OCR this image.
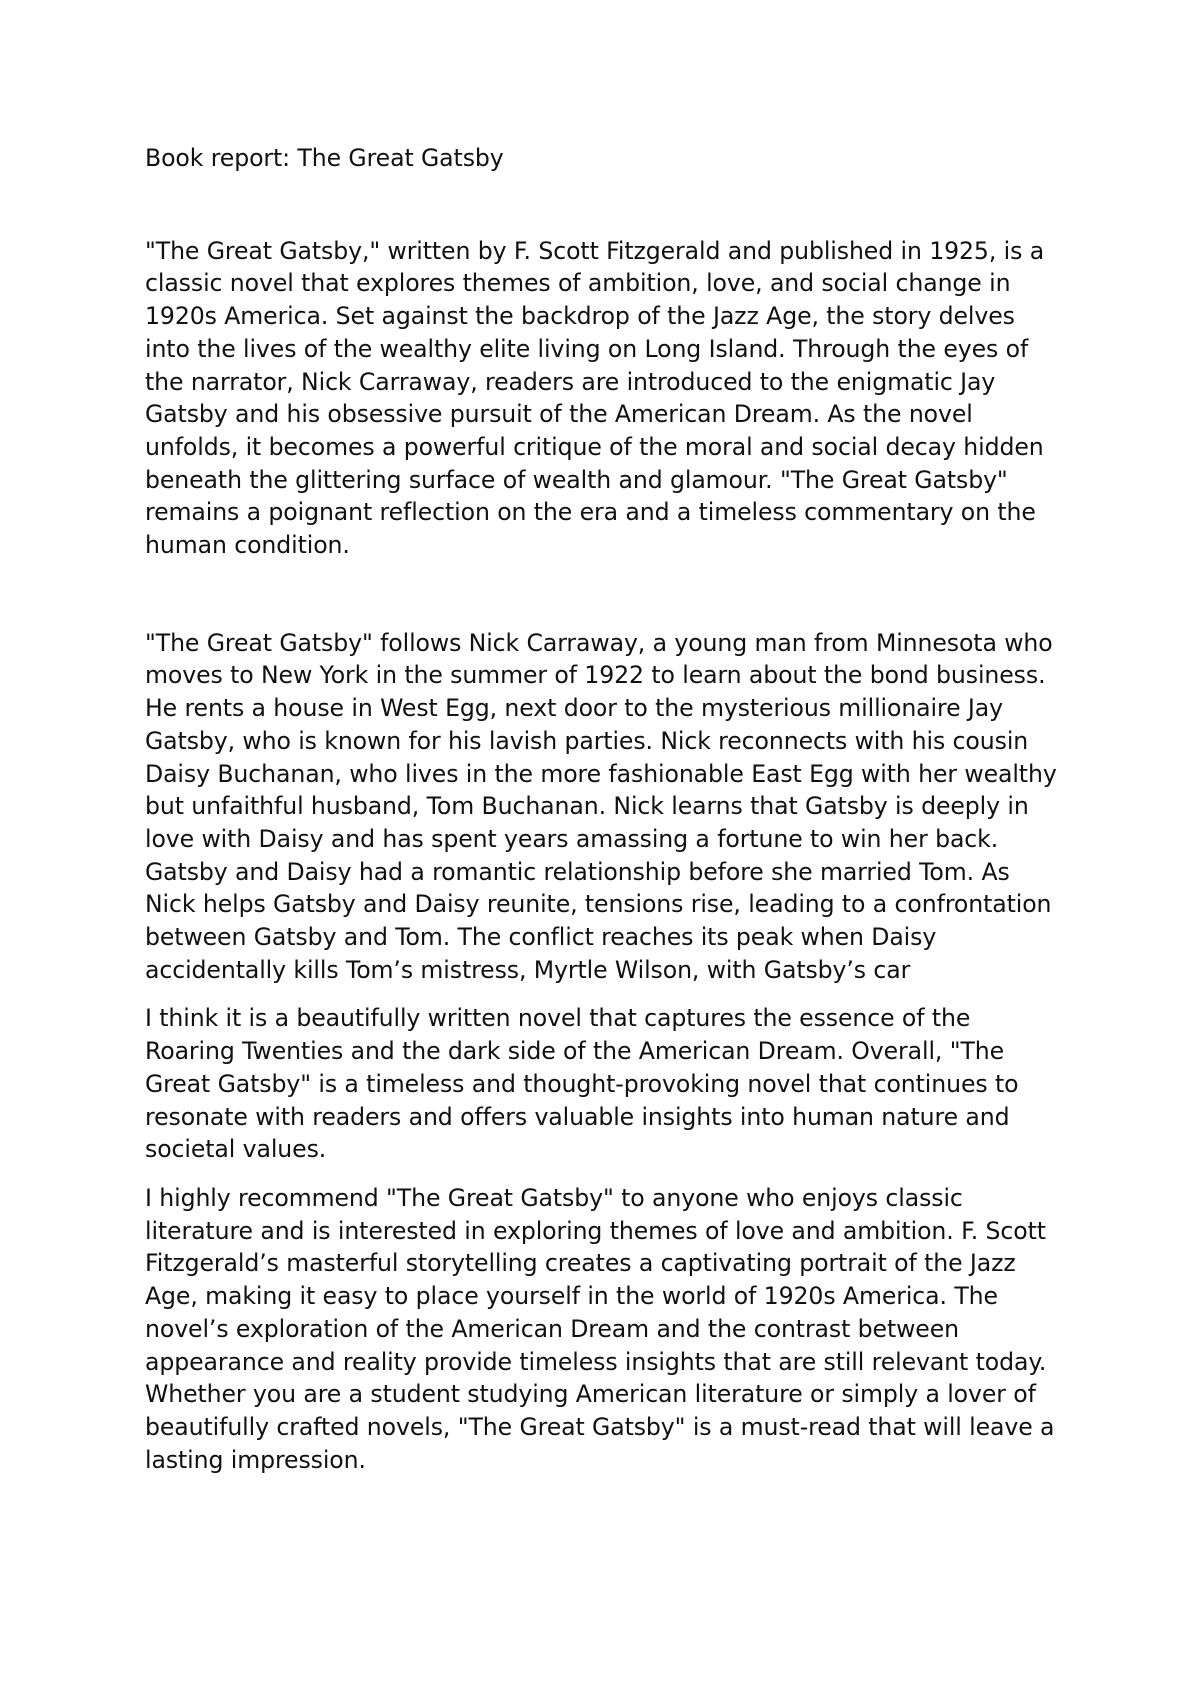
Book report: The Great Gatsby

"The Great Gatsby," written by F. Scott Fitzgerald and published in 1925, is a classic novel that explores themes of ambition, love, and social change in 1920s America. Set against the backdrop of the Jazz Age, the story delves into the lives of the wealthy elite living on Long Island. Through the eyes of the narrator, Nick Carraway, readers are introduced to the enigmatic Jay Gatsby and his obsessive pursuit of the American Dream. As the novel unfolds, it becomes a powerful critique of the moral and social decay hidden beneath the glittering surface of wealth and glamour. "The Great Gatsby" remains a poignant reflection on the era and a timeless commentary on the human condition.

"The Great Gatsby" follows Nick Carraway, a young man from Minnesota who moves to New York in the summer of 1922 to learn about the bond business. He rents a house in West Egg, next door to the mysterious millionaire Jay Gatsby, who is known for his lavish parties. Nick reconnects with his cousin Daisy Buchanan, who lives in the more fashionable East Egg with her wealthy but unfaithful husband, Tom Buchanan. Nick learns that Gatsby is deeply in love with Daisy and has spent years amassing a fortune to win her back. Gatsby and Daisy had a romantic relationship before she married Tom. As Nick helps Gatsby and Daisy reunite, tensions rise, leading to a confrontation between Gatsby and Tom. The conflict reaches its peak when Daisy accidentally kills Tom’s mistress, Myrtle Wilson, with Gatsby’s car

I think it is a beautifully written novel that captures the essence of the Roaring Twenties and the dark side of the American Dream. Overall, "The Great Gatsby" is a timeless and thought-provoking novel that continues to resonate with readers and offers valuable insights into human nature and societal values.

I highly recommend "The Great Gatsby" to anyone who enjoys classic literature and is interested in exploring themes of love and ambition. F. Scott Fitzgerald’s masterful storytelling creates a captivating portrait of the Jazz Age, making it easy to place yourself in the world of 1920s America. The novel’s exploration of the American Dream and the contrast between appearance and reality provide timeless insights that are still relevant today. Whether you are a student studying American literature or simply a lover of beautifully crafted novels, "The Great Gatsby" is a must-read that will leave a lasting impression.
